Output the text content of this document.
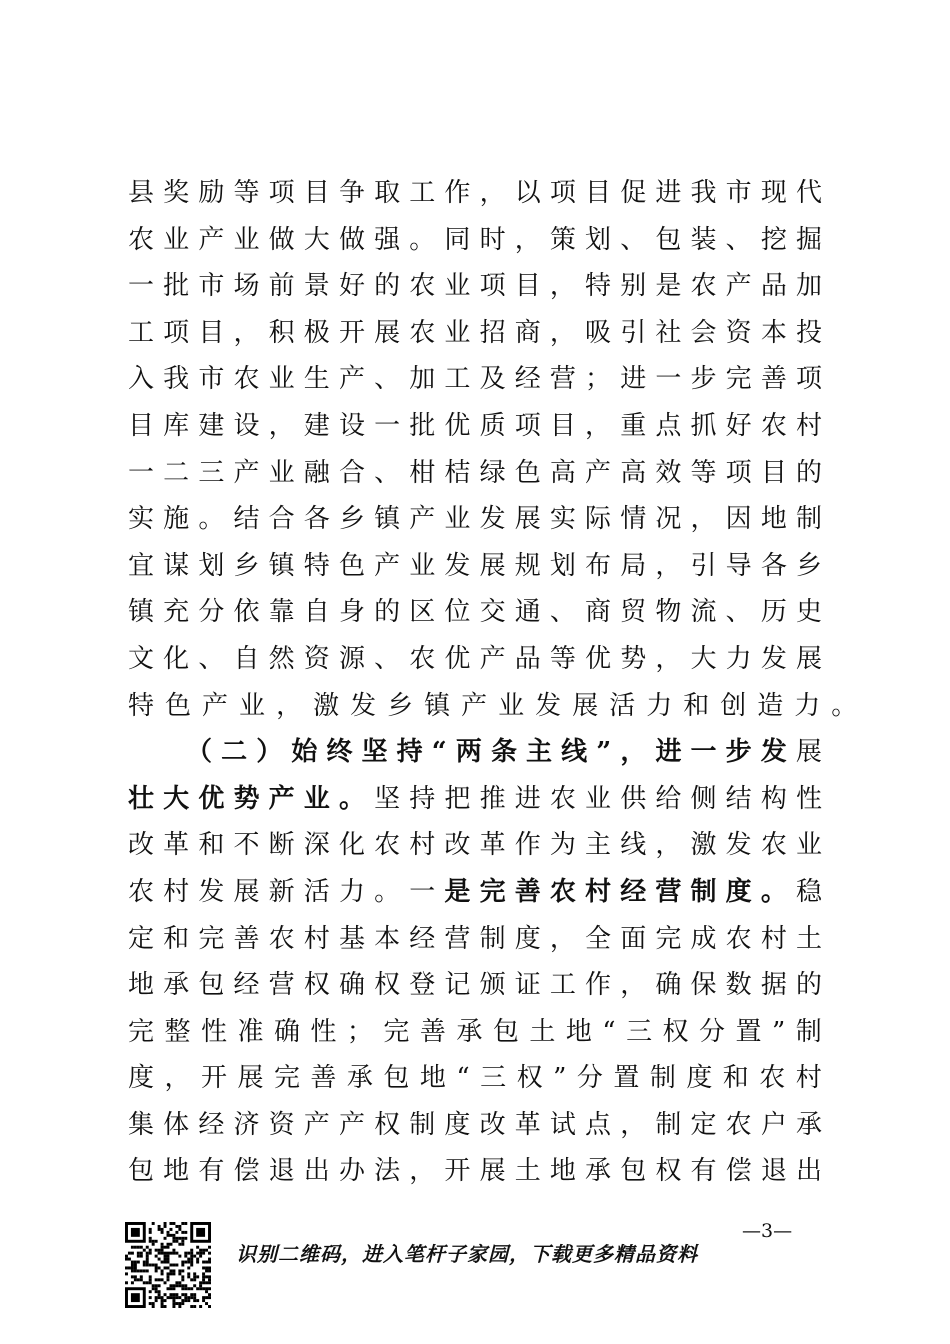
县 奖 励 等 项 目 争 取 工 作 ， 以 项 目 促 进 我 市 现 代
农 业 产 业 做 大 做 强 。 同 时 ， 策 划 、 包 装 、 挖 掘
一 批 市 场 前 景 好 的 农 业 项 目 ， 特 别 是 农 产 品 加
工 项 目 ， 积 极 开 展 农 业 招 商 ， 吸 引 社 会 资 本 投
入 我 市 农 业 生 产 、 加 工 及 经 营 ； 进 一 步 完 善 项
目 库 建 设 ， 建 设 一 批 优 质 项 目 ， 重 点 抓 好 农 村
一 二 三 产 业 融 合 、 柑 桔 绿 色 高 产 高 效 等 项 目 的
实 施 。 结 合 各 乡 镇 产 业 发 展 实 际 情 况 ， 因 地 制
宜 谋 划 乡 镇 特 色 产 业 发 展 规 划 布 局 ， 引 导 各 乡
镇 充 分 依 靠 自 身 的 区 位 交 通 、 商 贸 物 流 、 历 史
文 化 、 自 然 资 源 、 农 优 产 品 等 优 势 ， 大 力 发 展
特 色 产 业 ， 激 发 乡 镇 产 业 发 展 活 力 和 创 造 力 。
（ 二 ） 始 终 坚 持 “ 两 条 主 线 ” ， 进 一 步 发 展
壮 大 优 势 产 业 。 坚 持 把 推 进 农 业 供 给 侧 结 构 性
改 革 和 不 断 深 化 农 村 改 革 作 为 主 线 ， 激 发 农 业
农 村 发 展 新 活 力 。 一 是 完 善 农 村 经 营 制 度 。 稳
定 和 完 善 农 村 基 本 经 营 制 度 ， 全 面 完 成 农 村 土
地 承 包 经 营 权 确 权 登 记 颁 证 工 作 ， 确 保 数 据 的
完 整 性 准 确 性 ； 完 善 承 包 土 地 “ 三 权 分 置 ” 制
度 ， 开 展 完 善 承 包 地 “ 三 权 ” 分 置 制 度 和 农 村
集 体 经 济 资 产 产 权 制 度 改 革 试 点 ， 制 定 农 户 承
包 地 有 偿 退 出 办 法 ， 开 展 土 地 承 包 权 有 偿 退 出
识别二维码，进入笔杆子家园，下载更多精品资料
—3—
